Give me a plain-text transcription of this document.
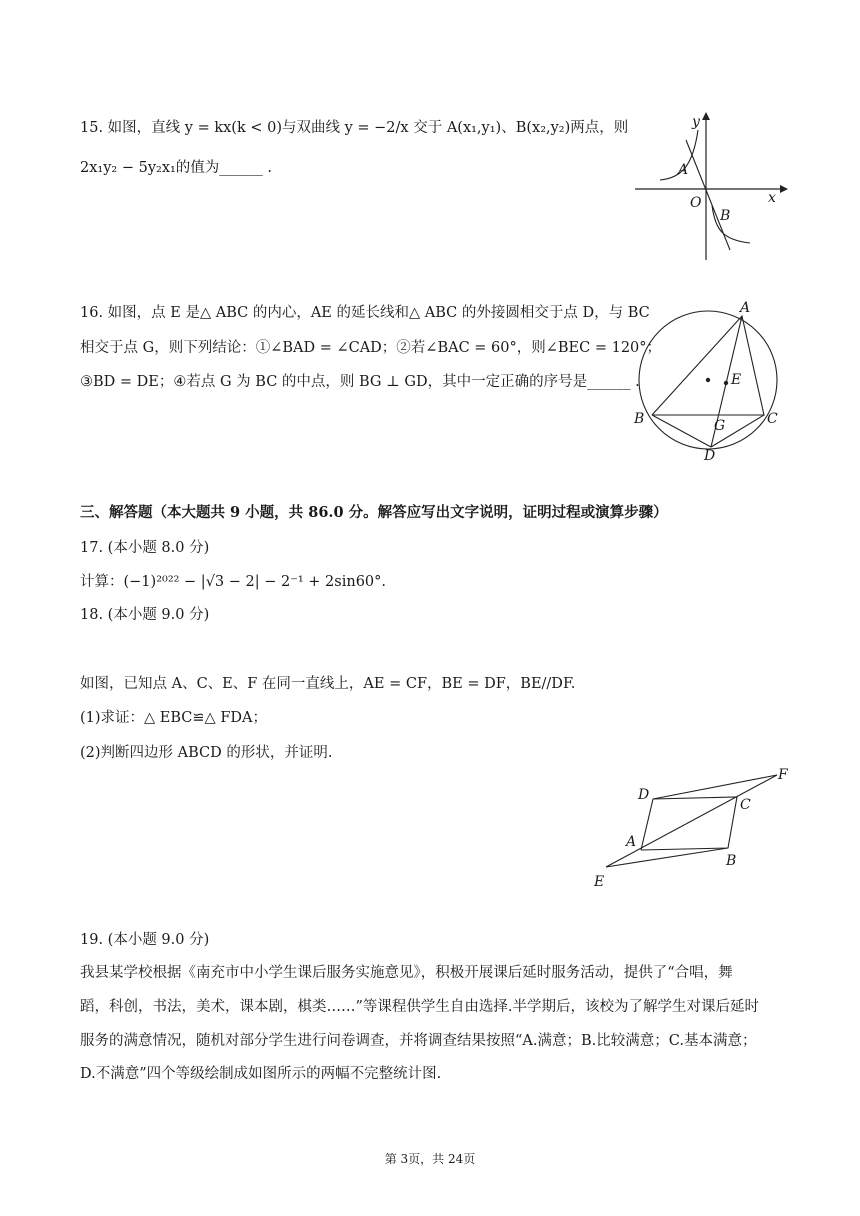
15. 如图，直线 y = kx(k < 0)与双曲线 y = −2/x 交于 A(x₁,y₁)、B(x₂,y₂)两点，则
2x₁y₂ − 5y₂x₁的值为______ .
x
y
O
A
B
16. 如图，点 E 是△ ABC 的内心，AE 的延长线和△ ABC 的外接圆相交于点 D，与 BC
相交于点 G，则下列结论：①∠BAD = ∠CAD；②若∠BAC = 60°，则∠BEC = 120°；
③BD = DE；④若点 G 为 BC 的中点，则 BG ⊥ GD，其中一定正确的序号是______ .
A
B	C
D
E
G
三、解答题（本大题共 9 小题，共 86.0 分。解答应写出文字说明，证明过程或演算步骤）
17. (本小题 8.0 分)
计算：(−1)²⁰²² − |√3 − 2| − 2⁻¹ + 2sin60°.
18. (本小题 9.0 分)
如图，已知点 A、C、E、F 在同一直线上，AE = CF，BE = DF，BE//DF.
(1)求证：△ EBC≌△ FDA；
(2)判断四边形 ABCD 的形状，并证明.
D
C
A
B
E
F
19. (本小题 9.0 分)
我县某学校根据《南充市中小学生课后服务实施意见》，积极开展课后延时服务活动，提供了“合唱，舞
蹈，科创，书法，美术，课本剧，棋类……”等课程供学生自由选择.半学期后，该校为了解学生对课后延时
服务的满意情况，随机对部分学生进行问卷调查，并将调查结果按照“A.满意；B.比较满意；C.基本满意；
D.不满意”四个等级绘制成如图所示的两幅不完整统计图.
第 3页，共 24页
